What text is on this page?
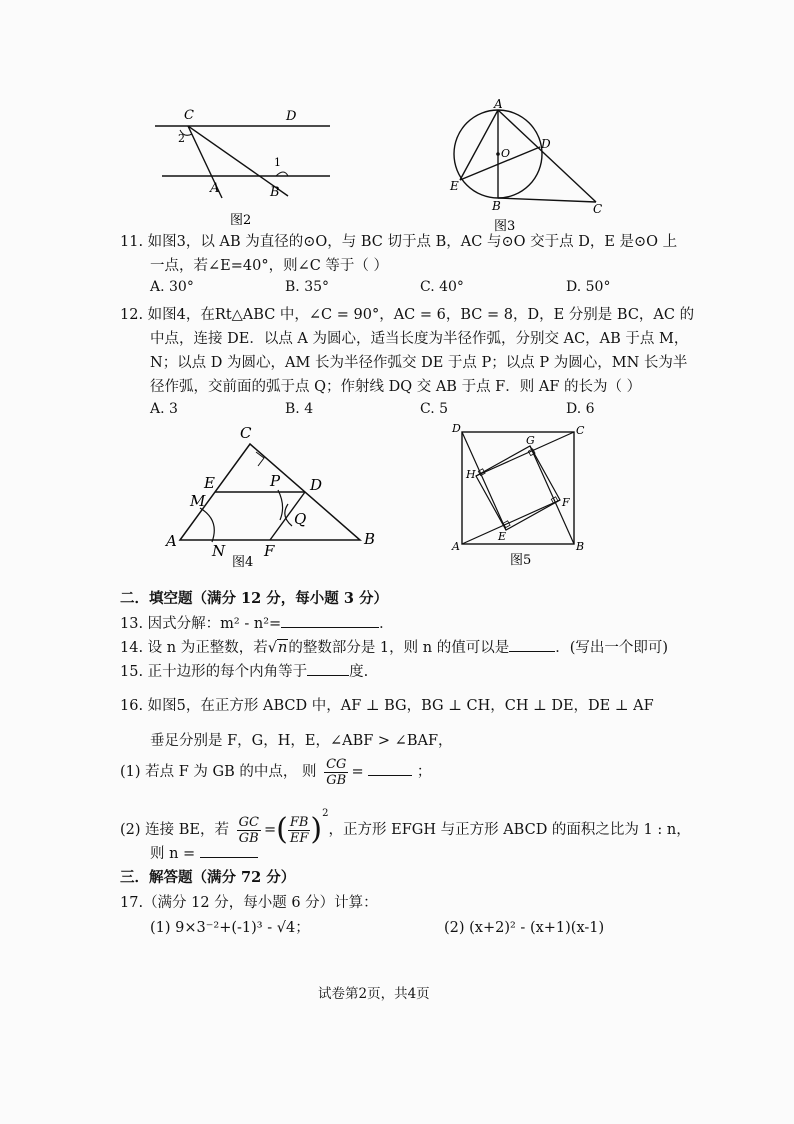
C	D
2
1
A	B
图2
A
O
D
E
B	C
图3
11. 如图3，以 AB 为直径的⊙O，与 BC 切于点 B，AC 与⊙O 交于点 D，E 是⊙O 上
一点，若∠E=40°，则∠C 等于（ ）
A. 30°	B. 35°	C. 40°	D. 50°
12. 如图4，在Rt△ABC 中，∠C = 90°，AC = 6，BC = 8，D，E 分别是 BC，AC 的
中点，连接 DE．以点 A 为圆心，适当长度为半径作弧，分别交 AC，AB 于点 M，
N；以点 D 为圆心，AM 长为半径作弧交 DE 于点 P；以点 P 为圆心，MN 长为半
径作弧，交前面的弧于点 Q；作射线 DQ 交 AB 于点 F．则 AF 的长为（ ）
A. 3	B. 4	C. 5	D. 6
C
E
M
P D
Q
A
N	F
B
图4
D
G
C
H
F
E
A	B
图5
二．填空题（满分 12 分，每小题 3 分）
13. 因式分解：m² - n²=	．
14. 设 n 为正整数，若√n的整数部分是 1，则 n 的值可以是	．(写出一个即可)
15. 正十边形的每个内角等于	度.
16. 如图5，在正方形 ABCD 中，AF ⊥ BG，BG ⊥ CH，CH ⊥ DE，DE ⊥ AF
垂足分别是 F，G，H，E，∠ABF > ∠BAF，
(1) 若点 F 为 GB 的中点， 则 $\frac{CG}{GB}$ =	；
(2) 连接 BE，若 $\frac{GC}{GB}$ =( $\frac{FB}{EF} )^2$，正方形 EFGH 与正方形 ABCD 的面积之比为 1 : n，
则 n =
三．解答题（满分 72 分）
17.（满分 12 分，每小题 6 分）计算：
(1) 9×3⁻²+(-1)³ - √4；	(2) (x+2)² - (x+1)(x-1)
试卷第2页，共4页
